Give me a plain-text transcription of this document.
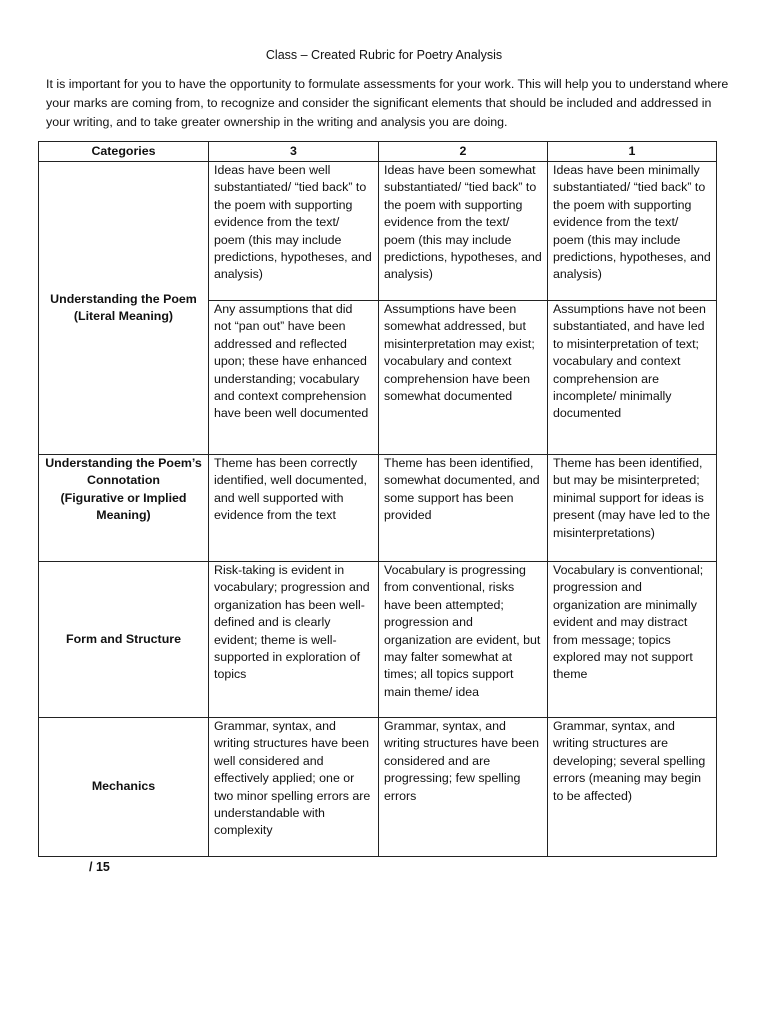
Class – Created Rubric for Poetry Analysis

It is important for you to have the opportunity to formulate assessments for your work. This will help you to understand where your marks are coming from, to recognize and consider the significant elements that should be included and addressed in your writing, and to take greater ownership in the writing and analysis you are doing.

Categories	3	2	1

Understanding the Poem
(Literal Meaning)	Ideas have been well substantiated/ “tied back” to the poem with supporting evidence from the text/ poem (this may include predictions, hypotheses, and analysis)	Ideas have been somewhat substantiated/ “tied back” to the poem with supporting evidence from the text/ poem (this may include predictions, hypotheses, and analysis)	Ideas have been minimally substantiated/ “tied back” to the poem with supporting evidence from the text/ poem (this may include predictions, hypotheses, and analysis)
	Any assumptions that did not “pan out” have been addressed and reflected upon; these have enhanced understanding; vocabulary and context comprehension have been well documented	Assumptions have been somewhat addressed, but misinterpretation may exist; vocabulary and context comprehension have been somewhat documented	Assumptions have not been substantiated, and have led to misinterpretation of text; vocabulary and context comprehension are incomplete/ minimally documented

Understanding the Poem’s Connotation
(Figurative or Implied Meaning)	Theme has been correctly identified, well documented, and well supported with evidence from the text	Theme has been identified, somewhat documented, and some support has been provided	Theme has been identified, but may be misinterpreted; minimal support for ideas is present (may have led to the misinterpretations)

Form and Structure	Risk-taking is evident in vocabulary; progression and organization has been well-defined and is clearly evident; theme is well-supported in exploration of topics	Vocabulary is progressing from conventional, risks have been attempted; progression and organization are evident, but may falter somewhat at times; all topics support main theme/ idea	Vocabulary is conventional; progression and organization are minimally evident and may distract from message; topics explored may not support theme

Mechanics	Grammar, syntax, and writing structures have been well considered and effectively applied; one or two minor spelling errors are understandable with complexity	Grammar, syntax, and writing structures have been considered and are progressing; few spelling errors	Grammar, syntax, and writing structures are developing; several spelling errors (meaning may begin to be affected)
/ 15
